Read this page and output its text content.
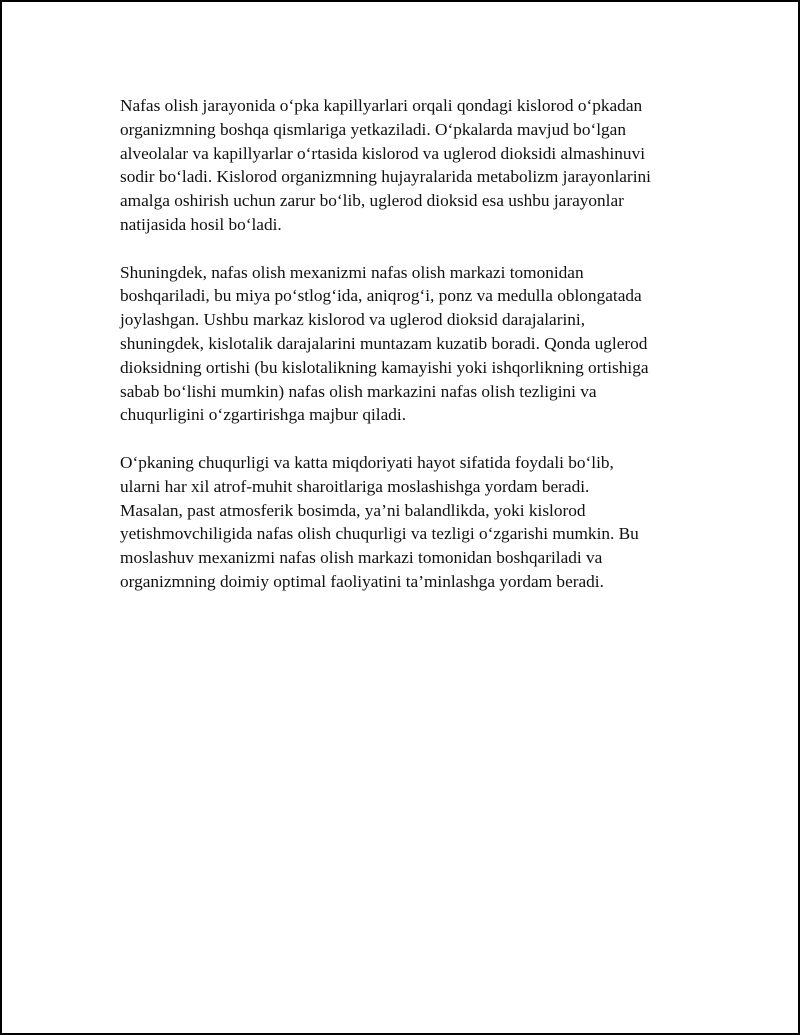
Nafas olish jarayonida o‘pka kapillyarlari orqali qondagi kislorod o‘pkadan
organizmning boshqa qismlariga yetkaziladi. O‘pkalarda mavjud bo‘lgan
alveolalar va kapillyarlar o‘rtasida kislorod va uglerod dioksidi almashinuvi
sodir bo‘ladi. Kislorod organizmning hujayralarida metabolizm jarayonlarini
amalga oshirish uchun zarur bo‘lib, uglerod dioksid esa ushbu jarayonlar
natijasida hosil bo‘ladi.

Shuningdek, nafas olish mexanizmi nafas olish markazi tomonidan
boshqariladi, bu miya po‘stlog‘ida, aniqrog‘i, ponz va medulla oblongatada
joylashgan. Ushbu markaz kislorod va uglerod dioksid darajalarini,
shuningdek, kislotalik darajalarini muntazam kuzatib boradi. Qonda uglerod
dioksidning ortishi (bu kislotalikning kamayishi yoki ishqorlikning ortishiga
sabab bo‘lishi mumkin) nafas olish markazini nafas olish tezligini va
chuqurligini o‘zgartirishga majbur qiladi.

O‘pkaning chuqurligi va katta miqdoriyati hayot sifatida foydali bo‘lib,
ularni har xil atrof-muhit sharoitlariga moslashishga yordam beradi.
Masalan, past atmosferik bosimda, ya’ni balandlikda, yoki kislorod
yetishmovchiligida nafas olish chuqurligi va tezligi o‘zgarishi mumkin. Bu
moslashuv mexanizmi nafas olish markazi tomonidan boshqariladi va
organizmning doimiy optimal faoliyatini ta’minlashga yordam beradi.
